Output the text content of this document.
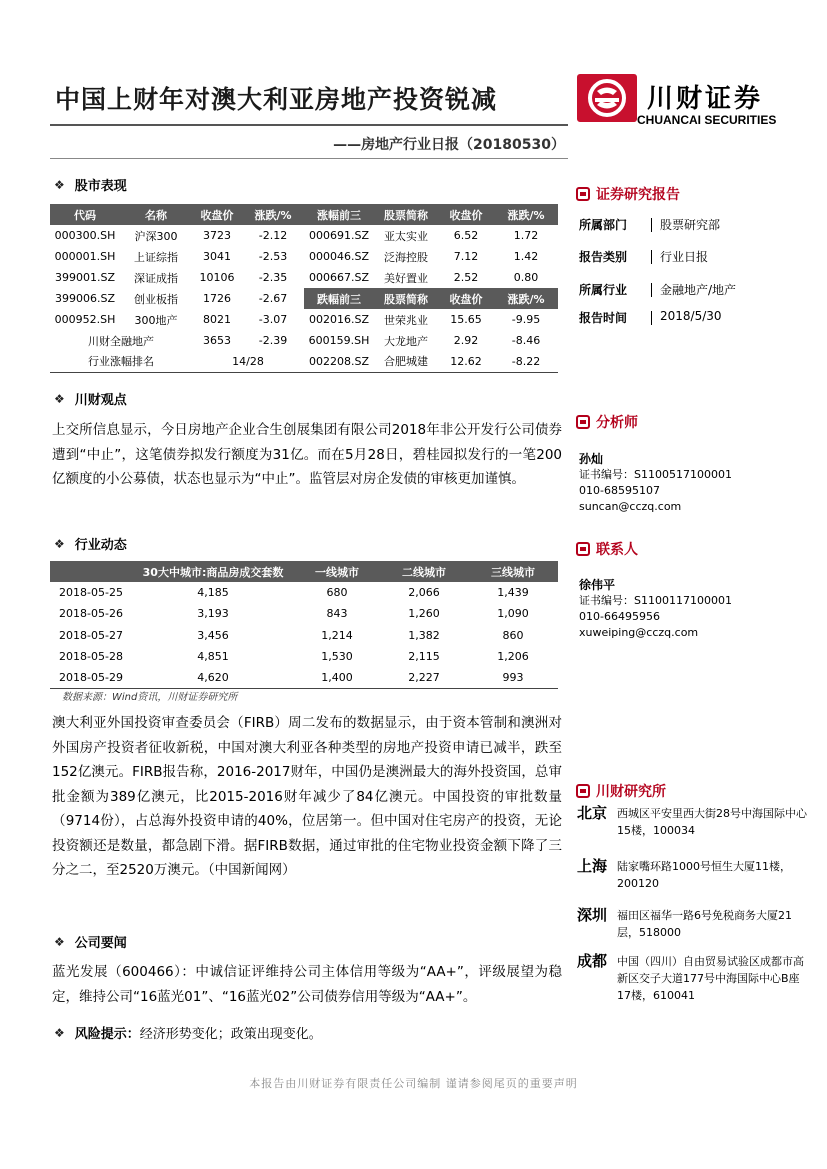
中国上财年对澳大利亚房地产投资锐减
——房地产行业日报（20180530）
川财证券
CHUANCAI SECURITIES
❖ 股市表现
代码	名称	收盘价	涨跌/%	涨幅前三	股票简称	收盘价	涨跌/%
000300.SH	沪深300	3723	-2.12	000691.SZ	亚太实业	6.52	1.72
000001.SH	上证综指	3041	-2.53	000046.SZ	泛海控股	7.12	1.42
399001.SZ	深证成指	10106	-2.35	000667.SZ	美好置业	2.52	0.80
399006.SZ	创业板指	1726	-2.67	跌幅前三	股票简称	收盘价	涨跌/%
000952.SH	300地产	8021	-3.07	002016.SZ	世荣兆业	15.65	-9.95
川财全融地产		3653	-2.39	600159.SH	大龙地产	2.92	-8.46
行业涨幅排名		14/28		002208.SZ	合肥城建	12.62	-8.22
❖ 川财观点
上交所信息显示，今日房地产企业合生创展集团有限公司2018年非公开发行公司债券遭到“中止”，这笔债券拟发行额度为31亿。而在5月28日，碧桂园拟发行的一笔200亿额度的小公募债，状态也显示为“中止”。监管层对房企发债的审核更加谨慎。
❖ 行业动态
	30大中城市:商品房成交套数	一线城市	二线城市	三线城市
2018-05-25	4,185	680	2,066	1,439
2018-05-26	3,193	843	1,260	1,090
2018-05-27	3,456	1,214	1,382	860
2018-05-28	4,851	1,530	2,115	1,206
2018-05-29	4,620	1,400	2,227	993
数据来源：Wind资讯，川财证券研究所
澳大利亚外国投资审查委员会（FIRB）周二发布的数据显示，由于资本管制和澳洲对外国房产投资者征收新税，中国对澳大利亚各种类型的房地产投资申请已减半，跌至152亿澳元。FIRB报告称，2016-2017财年，中国仍是澳洲最大的海外投资国，总审批金额为389亿澳元，比2015-2016财年减少了84亿澳元。中国投资的审批数量（9714份），占总海外投资申请的40%，位居第一。但中国对住宅房产的投资，无论投资额还是数量，都急剧下滑。据FIRB数据，通过审批的住宅物业投资金额下降了三分之二，至2520万澳元。（中国新闻网）
❖ 公司要闻
蓝光发展（600466）：中诚信证评维持公司主体信用等级为“AA+”，评级展望为稳定，维持公司“16蓝光01”、“16蓝光02”公司债券信用等级为“AA+”。
❖ 风险提示： 经济形势变化；政策出现变化。
证券研究报告
所属部门	股票研究部
报告类别	行业日报
所属行业	金融地产/地产
报告时间	2018/5/30
分析师
孙灿
证书编号：S1100517100001
010-68595107
suncan@cczq.com
联系人
徐伟平
证书编号：S1100117100001
010-66495956
xuweiping@cczq.com
川财研究所
北京 西城区平安里西大街28号中海国际中心15楼，100034
上海 陆家嘴环路1000号恒生大厦11楼，200120
深圳 福田区福华一路6号免税商务大厦21层，518000
成都 中国（四川）自由贸易试验区成都市高新区交子大道177号中海国际中心B座17楼，610041
本报告由川财证券有限责任公司编制 谨请参阅尾页的重要声明
